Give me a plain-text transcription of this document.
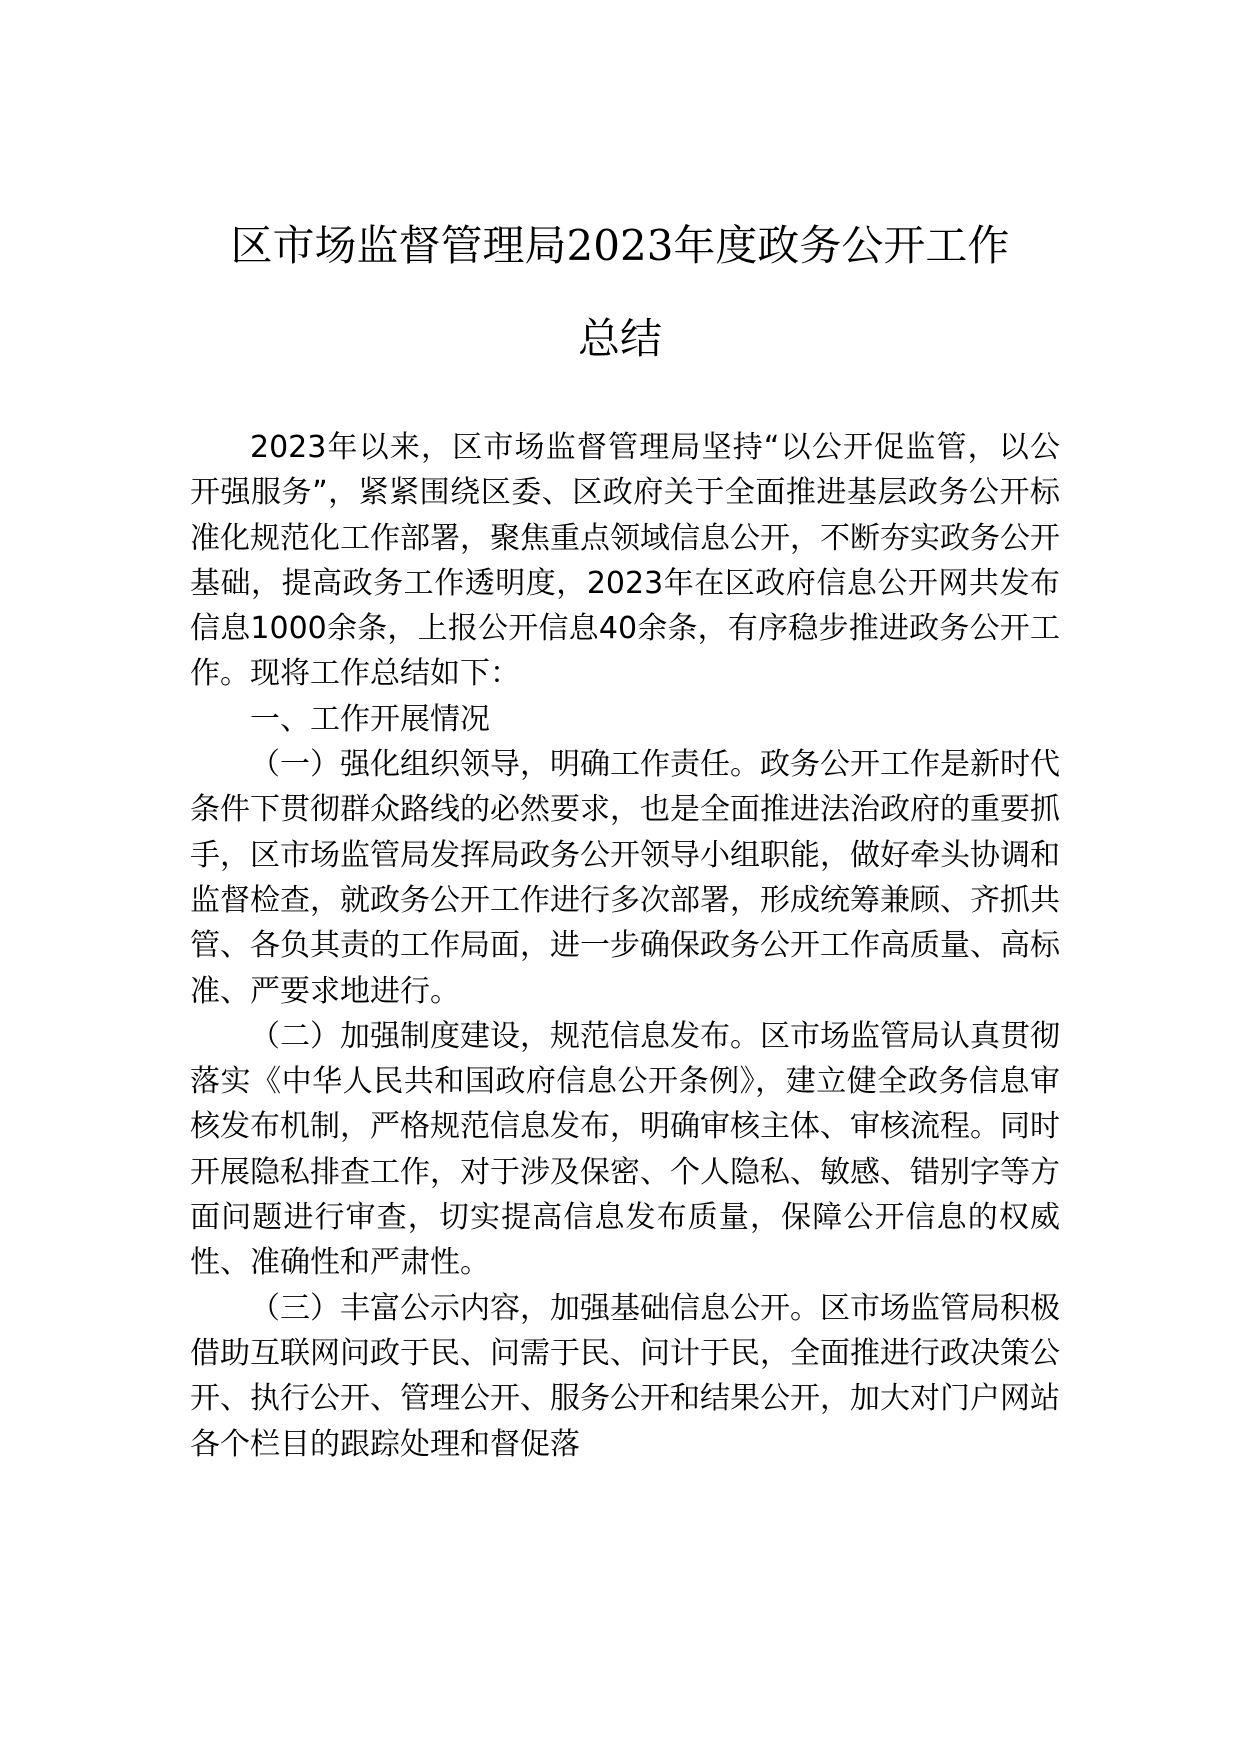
区市场监督管理局2023年度政务公开工作
总结

2023年以来，区市场监督管理局坚持“以公开促监管，以公开强服务”，紧紧围绕区委、区政府关于全面推进基层政务公开标准化规范化工作部署，聚焦重点领域信息公开，不断夯实政务公开基础，提高政务工作透明度，2023年在区政府信息公开网共发布信息1000余条，上报公开信息40余条，有序稳步推进政务公开工作。现将工作总结如下：

一、工作开展情况

（一）强化组织领导，明确工作责任。政务公开工作是新时代条件下贯彻群众路线的必然要求，也是全面推进法治政府的重要抓手，区市场监管局发挥局政务公开领导小组职能，做好牵头协调和监督检查，就政务公开工作进行多次部署，形成统筹兼顾、齐抓共管、各负其责的工作局面，进一步确保政务公开工作高质量、高标准、严要求地进行。

（二）加强制度建设，规范信息发布。区市场监管局认真贯彻落实《中华人民共和国政府信息公开条例》，建立健全政务信息审核发布机制，严格规范信息发布，明确审核主体、审核流程。同时开展隐私排查工作，对于涉及保密、个人隐私、敏感、错别字等方面问题进行审查，切实提高信息发布质量，保障公开信息的权威性、准确性和严肃性。

（三）丰富公示内容，加强基础信息公开。区市场监管局积极借助互联网问政于民、问需于民、问计于民，全面推进行政决策公开、执行公开、管理公开、服务公开和结果公开，加大对门户网站各个栏目的跟踪处理和督促落
